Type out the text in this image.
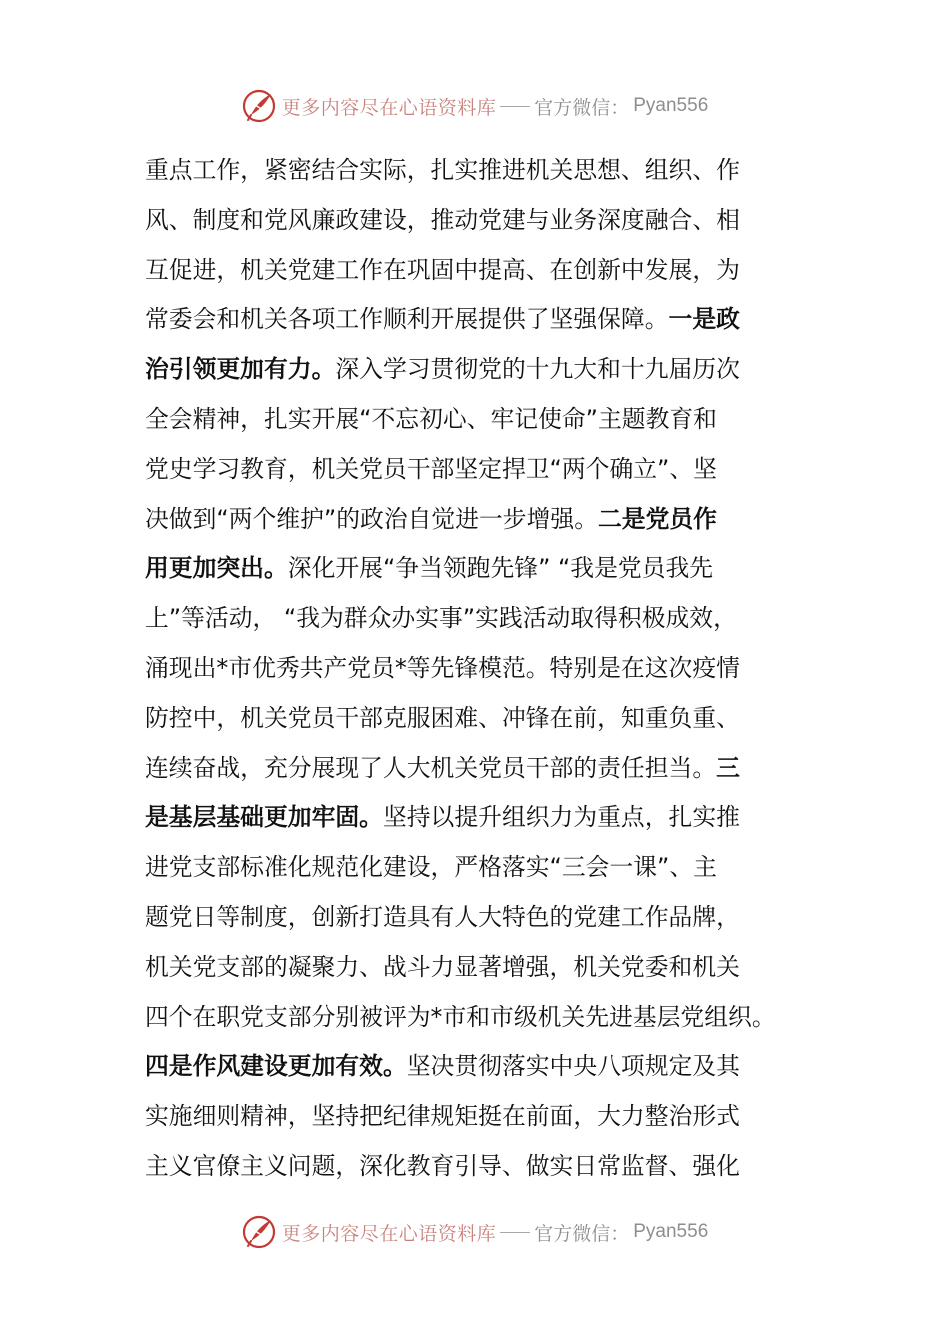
更多内容尽在心语资料库 官方微信： Pyan556
重点工作，紧密结合实际，扎实推进机关思想、组织、作
风、制度和党风廉政建设，推动党建与业务深度融合、相
互促进，机关党建工作在巩固中提高、在创新中发展，为
常委会和机关各项工作顺利开展提供了坚强保障。一是政
治引领更加有力。深入学习贯彻党的十九大和十九届历次
全会精神，扎实开展“不忘初心、牢记使命”主题教育和
党史学习教育，机关党员干部坚定捍卫“两个确立”、坚
决做到“两个维护”的政治自觉进一步增强。二是党员作
用更加突出。深化开展“争当领跑先锋” “我是党员我先
上”等活动， “我为群众办实事”实践活动取得积极成效，
涌现出*市优秀共产党员*等先锋模范。特别是在这次疫情
防控中，机关党员干部克服困难、冲锋在前，知重负重、
连续奋战，充分展现了人大机关党员干部的责任担当。三
是基层基础更加牢固。坚持以提升组织力为重点，扎实推
进党支部标准化规范化建设，严格落实“三会一课”、主
题党日等制度，创新打造具有人大特色的党建工作品牌，
机关党支部的凝聚力、战斗力显著增强，机关党委和机关
四个在职党支部分别被评为*市和市级机关先进基层党组织。
四是作风建设更加有效。坚决贯彻落实中央八项规定及其
实施细则精神，坚持把纪律规矩挺在前面，大力整治形式
主义官僚主义问题，深化教育引导、做实日常监督、强化
更多内容尽在心语资料库 官方微信： Pyan556
